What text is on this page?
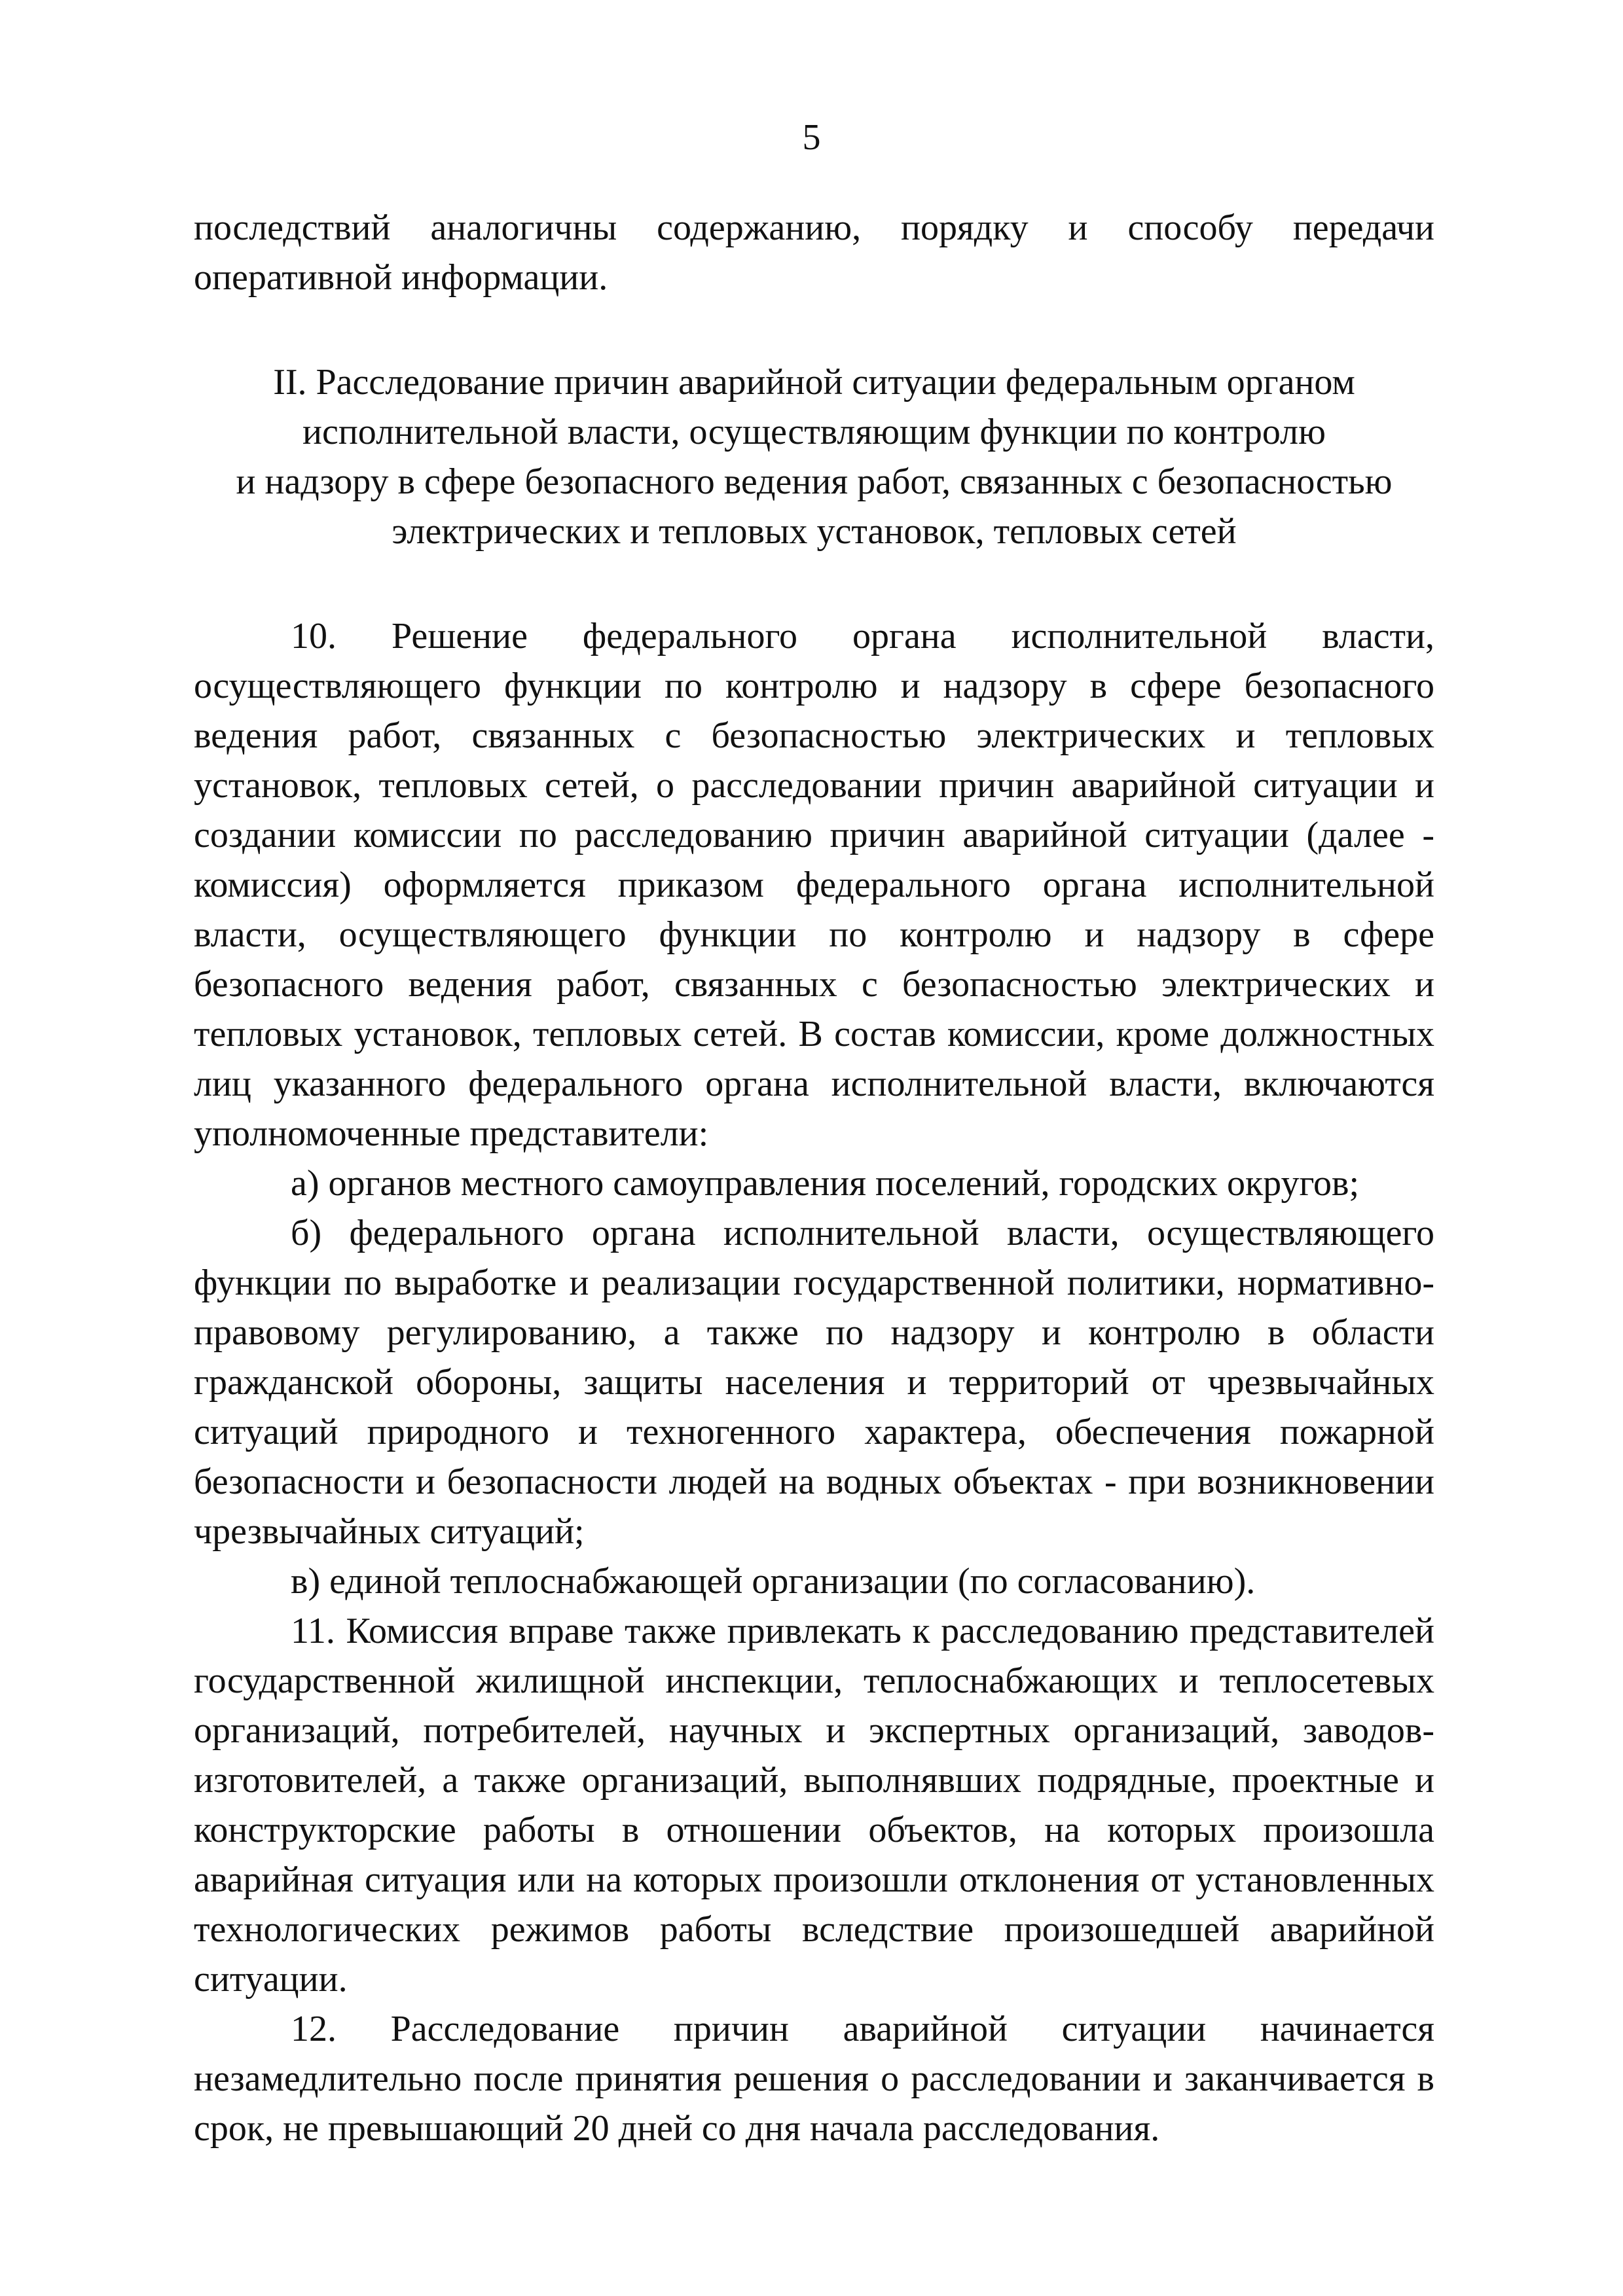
5

последствий аналогичны содержанию, порядку и способу передачи оперативной информации.

II. Расследование причин аварийной ситуации федеральным органом
исполнительной власти, осуществляющим функции по контролю
и надзору в сфере безопасного ведения работ, связанных с безопасностью
электрических и тепловых установок, тепловых сетей

10. Решение федерального органа исполнительной власти, осуществляющего функции по контролю и надзору в сфере безопасного ведения работ, связанных с безопасностью электрических и тепловых установок, тепловых сетей, о расследовании причин аварийной ситуации и создании комиссии по расследованию причин аварийной ситуации (далее - комиссия) оформляется приказом федерального органа исполнительной власти, осуществляющего функции по контролю и надзору в сфере безопасного ведения работ, связанных с безопасностью электрических и тепловых установок, тепловых сетей. В состав комиссии, кроме должностных лиц указанного федерального органа исполнительной власти, включаются уполномоченные представители:

а) органов местного самоуправления поселений, городских округов;

б) федерального органа исполнительной власти, осуществляющего функции по выработке и реализации государственной политики, нормативно-правовому регулированию, а также по надзору и контролю в области гражданской обороны, защиты населения и территорий от чрезвычайных ситуаций природного и техногенного характера, обеспечения пожарной безопасности и безопасности людей на водных объектах - при возникновении чрезвычайных ситуаций;

в) единой теплоснабжающей организации (по согласованию).

11. Комиссия вправе также привлекать к расследованию представителей государственной жилищной инспекции, теплоснабжающих и теплосетевых организаций, потребителей, научных и экспертных организаций, заводов-изготовителей, а также организаций, выполнявших подрядные, проектные и конструкторские работы в отношении объектов, на которых произошла аварийная ситуация или на которых произошли отклонения от установленных технологических режимов работы вследствие произошедшей аварийной ситуации.

12. Расследование причин аварийной ситуации начинается незамедлительно после принятия решения о расследовании и заканчивается в срок, не превышающий 20 дней со дня начала расследования.
